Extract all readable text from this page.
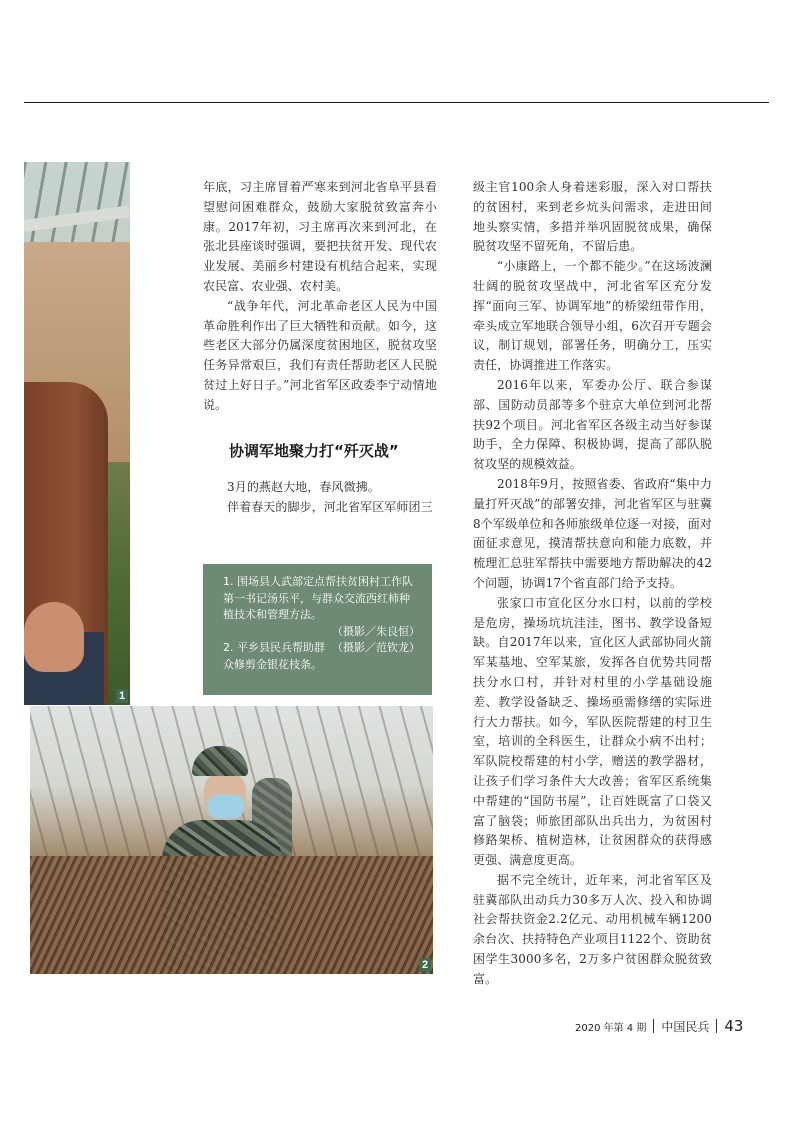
1
2

1. 围场县人武部定点帮扶贫困村工作队第一书记汤乐平，与群众交流西红柿种植技术和管理方法。

（摄影／朱良恒）

（摄影／范钦龙）
2. 平乡县民兵帮助群众修剪金银花枝条。

年底，习主席冒着严寒来到河北省阜平县看望慰问困难群众，鼓励大家脱贫致富奔小康。2017年初，习主席再次来到河北，在张北县座谈时强调，要把扶贫开发、现代农业发展、美丽乡村建设有机结合起来，实现农民富、农业强、农村美。

“战争年代，河北革命老区人民为中国革命胜利作出了巨大牺牲和贡献。如今，这些老区大部分仍属深度贫困地区，脱贫攻坚任务异常艰巨，我们有责任帮助老区人民脱贫过上好日子。”河北省军区政委李宁动情地说。

协调军地聚力打“歼灭战”

3月的燕赵大地，春风微拂。

伴着春天的脚步，河北省军区军师团三

级主官100余人身着迷彩服，深入对口帮扶的贫困村，来到老乡炕头问需求，走进田间地头察实情，多措并举巩固脱贫成果，确保脱贫攻坚不留死角，不留后患。

“小康路上，一个都不能少。”在这场波澜壮阔的脱贫攻坚战中，河北省军区充分发挥“面向三军、协调军地”的桥梁纽带作用，牵头成立军地联合领导小组，6次召开专题会议，制订规划，部署任务，明确分工，压实责任，协调推进工作落实。

2016年以来，军委办公厅、联合参谋部、国防动员部等多个驻京大单位到河北帮扶92个项目。河北省军区各级主动当好参谋助手，全力保障、积极协调，提高了部队脱贫攻坚的规模效益。

2018年9月，按照省委、省政府“集中力量打歼灭战”的部署安排，河北省军区与驻冀8个军级单位和各师旅级单位逐一对接，面对面征求意见，摸清帮扶意向和能力底数，并梳理汇总驻军帮扶中需要地方帮助解决的42个问题，协调17个省直部门给予支持。

张家口市宣化区分水口村，以前的学校是危房，操场坑坑洼洼，图书、教学设备短缺。自2017年以来，宣化区人武部协同火箭军某基地、空军某旅，发挥各自优势共同帮扶分水口村，并针对村里的小学基础设施差、教学设备缺乏、操场亟需修缮的实际进行大力帮扶。如今，军队医院帮建的村卫生室，培训的全科医生，让群众小病不出村；军队院校帮建的村小学，赠送的教学器材，让孩子们学习条件大大改善；省军区系统集中帮建的“国防书屋”，让百姓既富了口袋又富了脑袋；师旅团部队出兵出力，为贫困村修路架桥、植树造林，让贫困群众的获得感更强、满意度更高。

据不完全统计，近年来，河北省军区及驻冀部队出动兵力30多万人次、投入和协调社会帮扶资金2.2亿元、动用机械车辆1200余台次、扶持特色产业项目1122个、资助贫困学生3000多名，2万多户贫困群众脱贫致富。

2020 年第 4 期 中国民兵 43
